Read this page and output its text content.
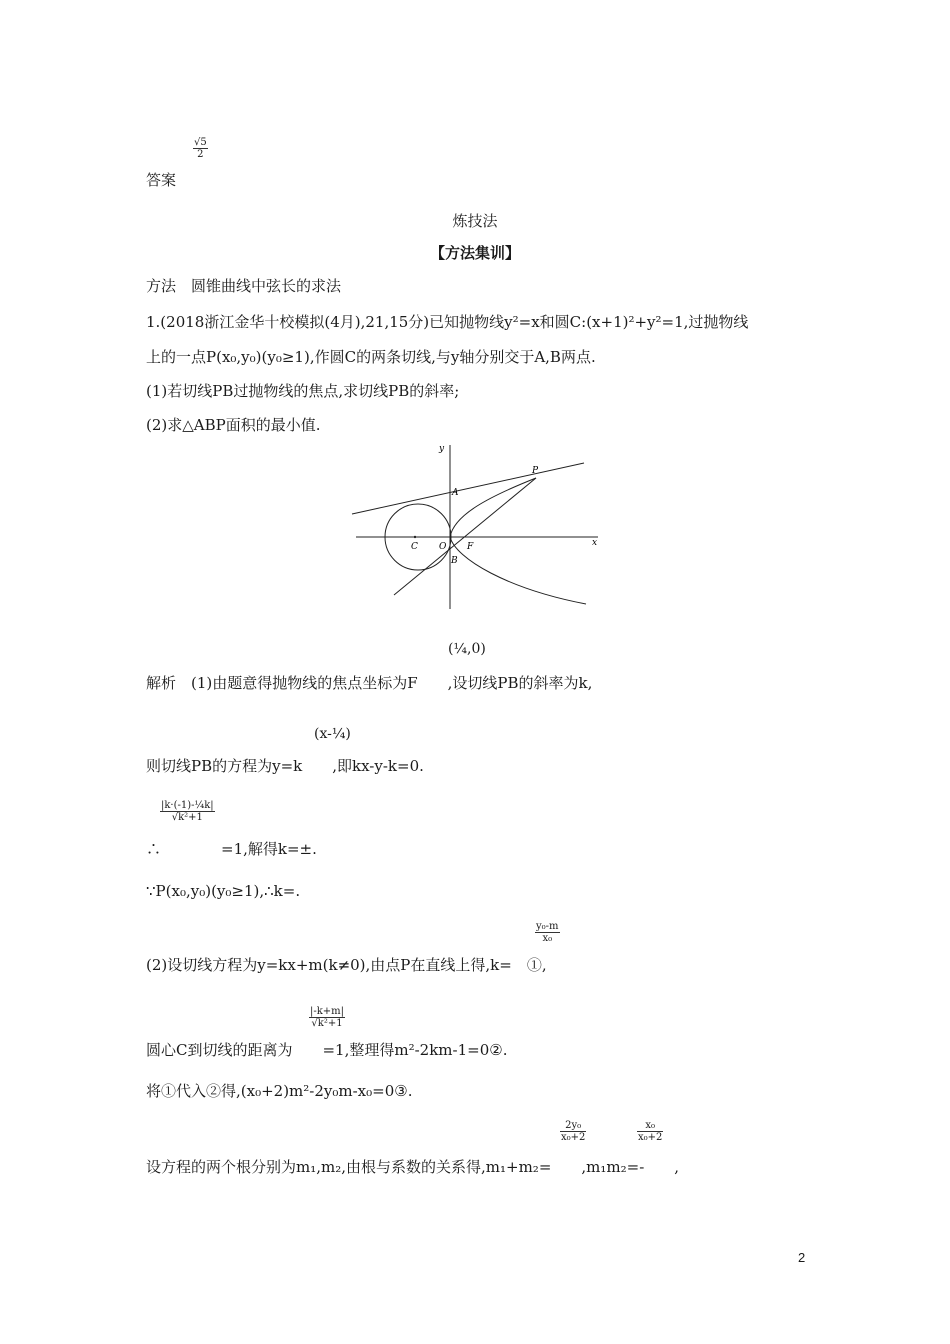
$\frac{√5}{2}$
答案
炼技法
【方法集训】
方法　圆锥曲线中弦长的求法
1.(2018浙江金华十校模拟(4月),21,15分)已知抛物线y²=x和圆C:(x+1)²+y²=1,过抛物线
上的一点P(x₀,y₀)(y₀≥1),作圆C的两条切线,与y轴分别交于A,B两点.
(1)若切线PB过抛物线的焦点,求切线PB的斜率;
(2)求△ABP面积的最小值.
y
x
P
A
C O F
B
(¼,0)
解析　(1)由题意得抛物线的焦点坐标为F　　,设切线PB的斜率为k,
(x-¼)
则切线PB的方程为y=k　　,即kx-y-k=0.
$\frac{\text{|k·(-1)-¼k|}}{\text{√k²+1}}$
∴　　　　=1,解得k=±.
∵P(x₀,y₀)(y₀≥1),∴k=.
$\frac{\text{y₀-m}}{\text{x₀}}$
(2)设切线方程为y=kx+m(k≠0),由点P在直线上得,k=　①,
$\frac{|-k+m|}{\text{√k²+1}}$
圆心C到切线的距离为　　=1,整理得m²-2km-1=0②.
将①代入②得,(x₀+2)m²-2y₀m-x₀=0③.
$\frac{\text{2y₀}}{\text{x₀+2}}$	$\frac{\text{x₀}}{\text{x₀+2}}$
设方程的两个根分别为m₁,m₂,由根与系数的关系得,m₁+m₂=　　,m₁m₂=-　　,
2
